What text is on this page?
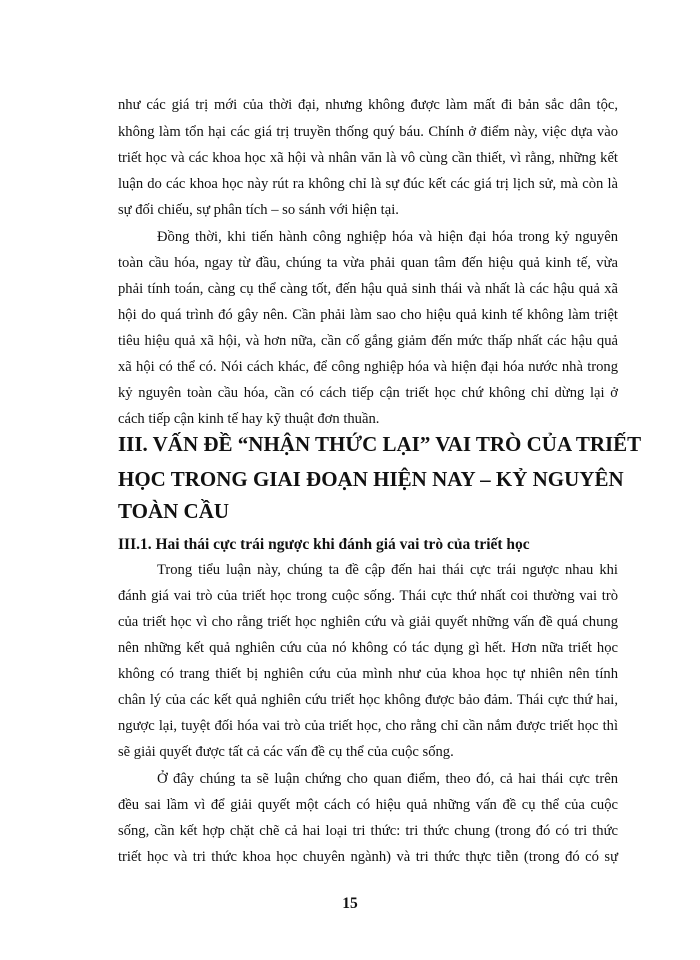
như các giá trị mới của thời đại, nhưng không được làm mất đi bản sắc dân tộc,
không làm tổn hại các giá trị truyền thống quý báu. Chính ở điểm này, việc dựa vào
triết học và các khoa học xã hội và nhân văn là vô cùng cần thiết, vì rằng, những kết
luận do các khoa học này rút ra không chỉ là sự đúc kết các giá trị lịch sử, mà còn là
sự đối chiếu, sự phân tích – so sánh với hiện tại.
Đồng thời, khi tiến hành công nghiệp hóa và hiện đại hóa trong kỷ nguyên
toàn cầu hóa, ngay từ đầu, chúng ta vừa phải quan tâm đến hiệu quả kinh tế, vừa
phải tính toán, càng cụ thể càng tốt, đến hậu quả sinh thái và nhất là các hậu quả xã
hội do quá trình đó gây nên. Cần phải làm sao cho hiệu quả kinh tế không làm triệt
tiêu hiệu quả xã hội, và hơn nữa, cần cố gắng giảm đến mức thấp nhất các hậu quả
xã hội có thể có. Nói cách khác, để công nghiệp hóa và hiện đại hóa nước nhà trong
kỷ nguyên toàn cầu hóa, cần có cách tiếp cận triết học chứ không chỉ dừng lại ở
cách tiếp cận kinh tế hay kỹ thuật đơn thuần.
III. VẤN ĐỀ “NHẬN THỨC LẠI” VAI TRÒ CỦA TRIẾT
HỌC TRONG GIAI ĐOẠN HIỆN NAY – KỶ NGUYÊN
TOÀN CẦU
III.1. Hai thái cực trái ngược khi đánh giá vai trò của triết học
Trong tiểu luận này, chúng ta đề cập đến hai thái cực trái ngược nhau khi
đánh giá vai trò của triết học trong cuộc sống. Thái cực thứ nhất coi thường vai trò
của triết học vì cho rằng triết học nghiên cứu và giải quyết những vấn đề quá chung
nên những kết quả nghiên cứu của nó không có tác dụng gì hết. Hơn nữa triết học
không có trang thiết bị nghiên cứu của mình như của khoa học tự nhiên nên tính
chân lý của các kết quả nghiên cứu triết học không được bảo đảm. Thái cực thứ hai,
ngược lại, tuyệt đối hóa vai trò của triết học, cho rằng chỉ cần nắm được triết học thì
sẽ giải quyết được tất cả các vấn đề cụ thể của cuộc sống.
Ở đây chúng ta sẽ luận chứng cho quan điểm, theo đó, cả hai thái cực trên
đều sai lầm vì để giải quyết một cách có hiệu quả những vấn đề cụ thể của cuộc
sống, cần kết hợp chặt chẽ cả hai loại tri thức: tri thức chung (trong đó có tri thức
triết học và tri thức khoa học chuyên ngành) và tri thức thực tiễn (trong đó có sự
15
